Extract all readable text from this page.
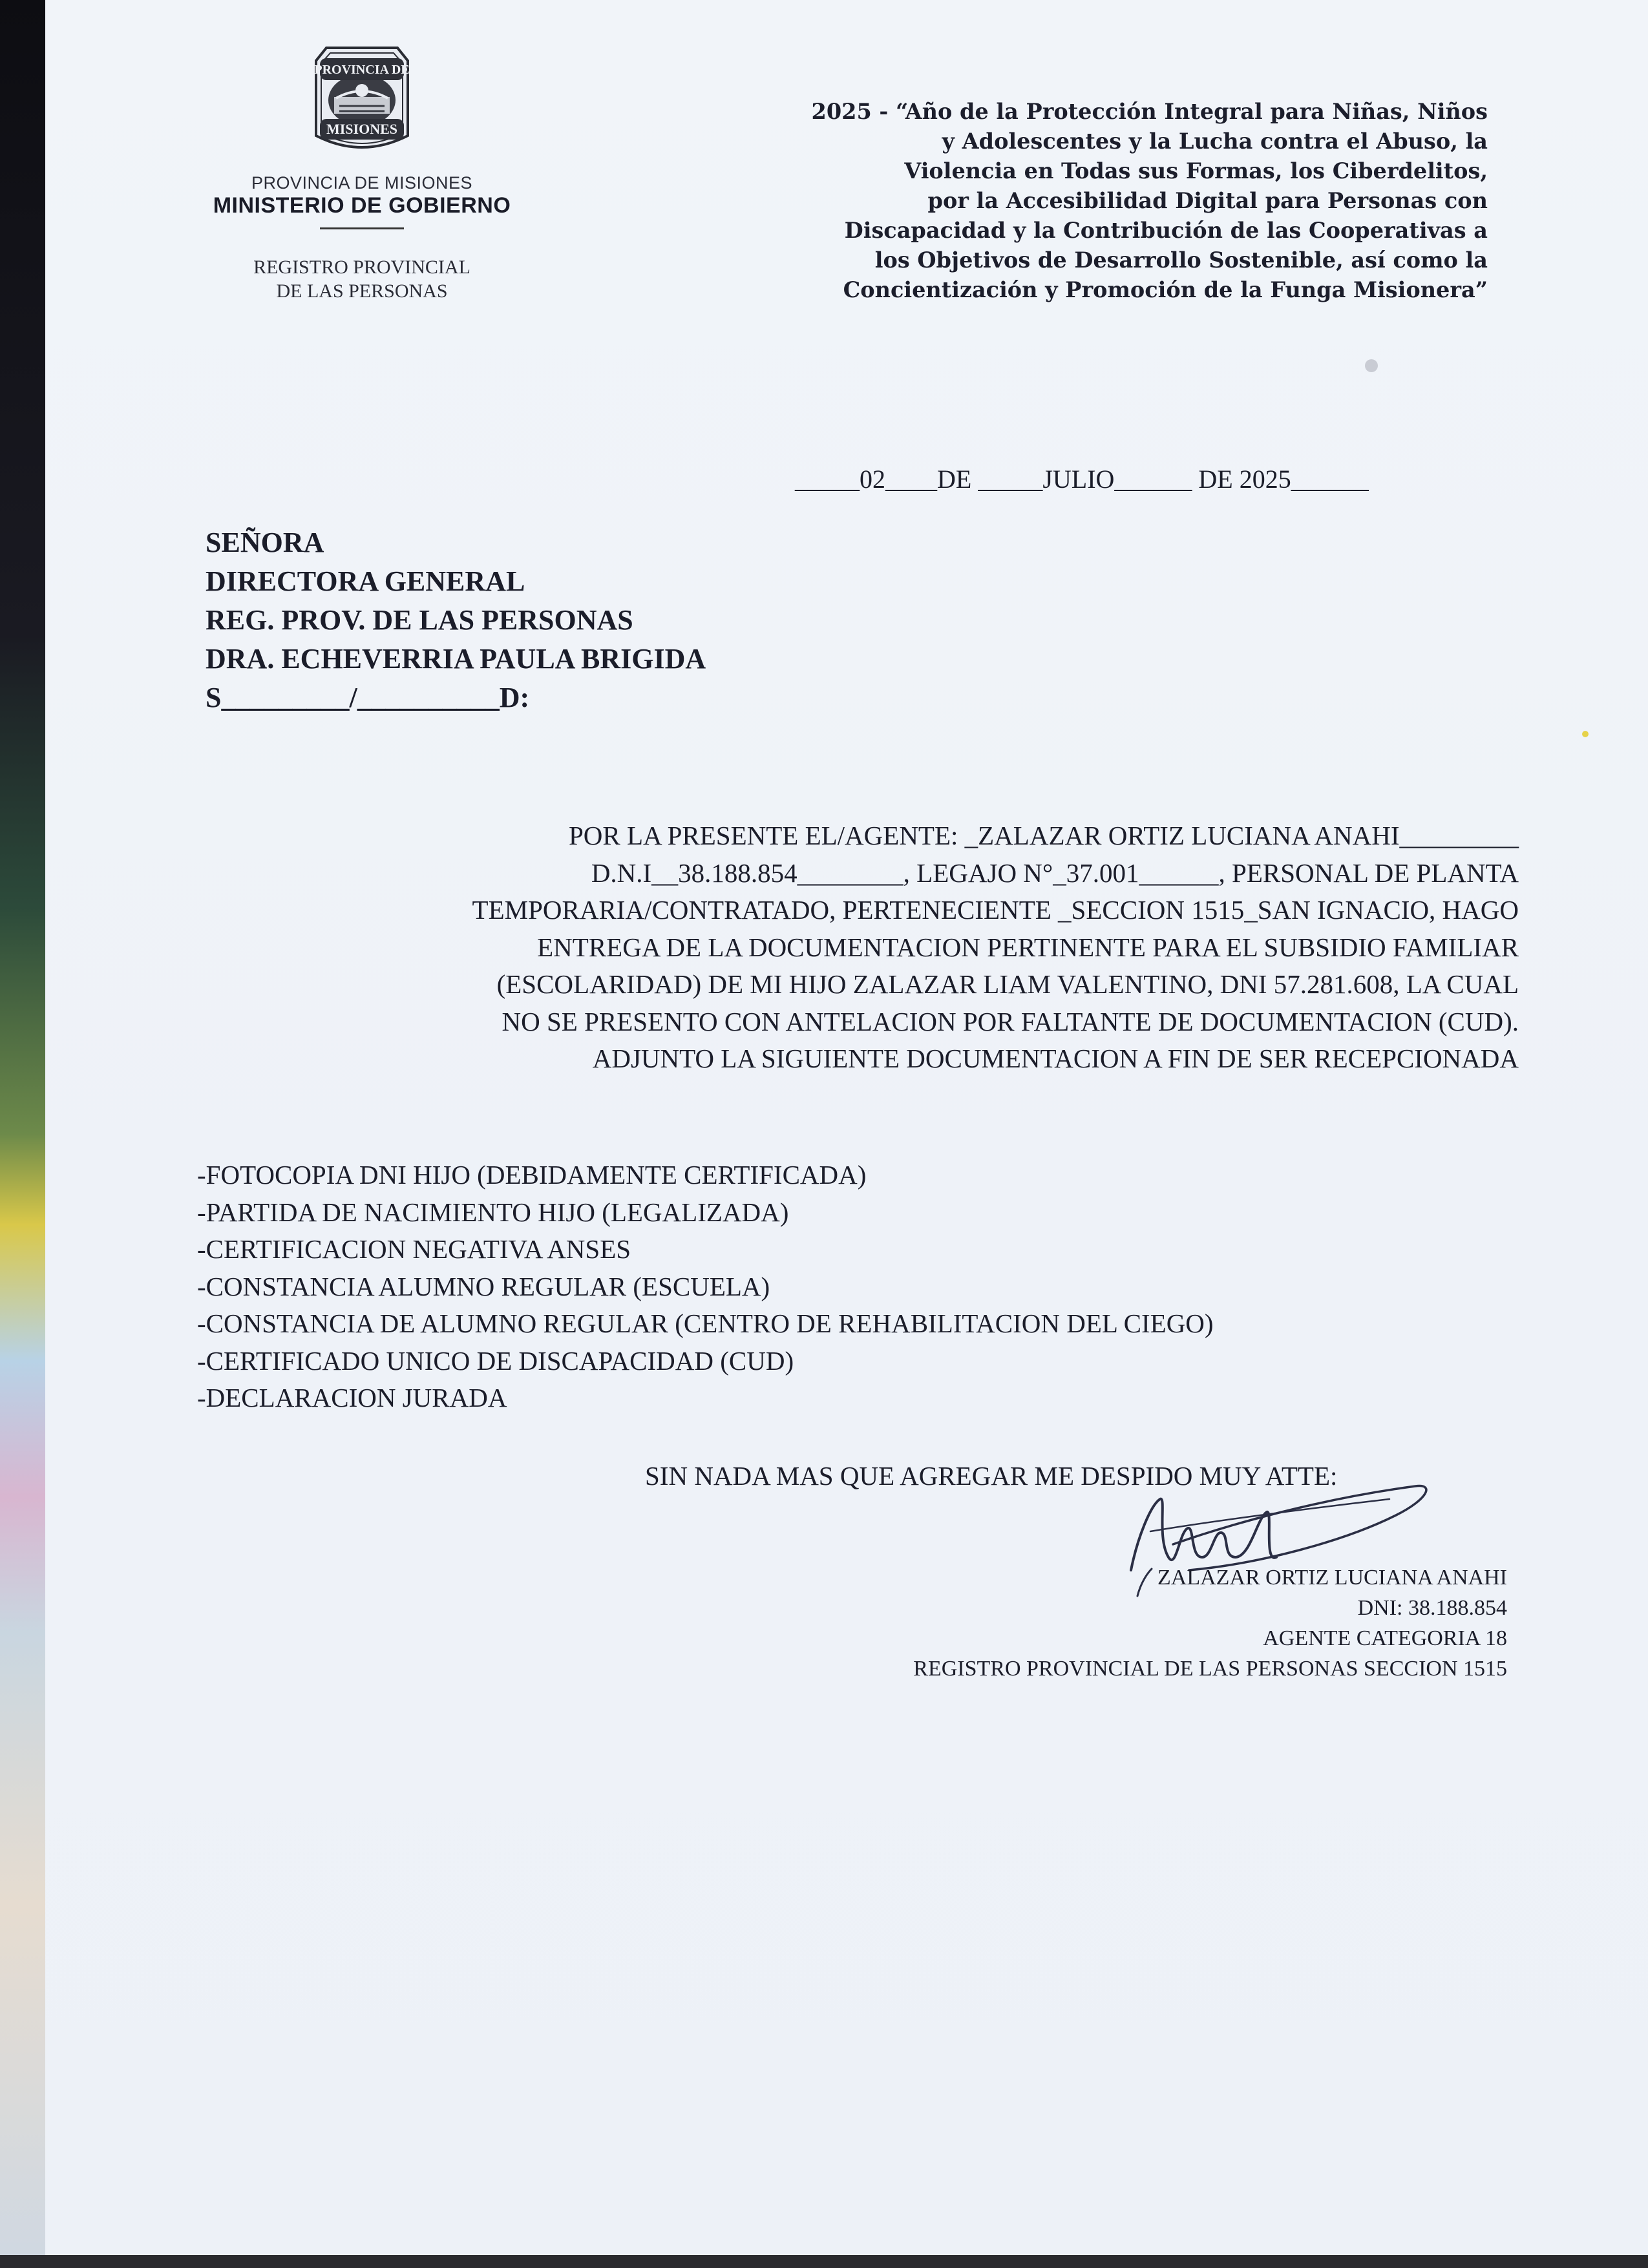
PROVINCIA DE
MISIONES
PROVINCIA DE MISIONES
MINISTERIO DE GOBIERNO
REGISTRO PROVINCIAL
DE LAS PERSONAS
2025 - “Año de la Protección Integral para Niñas, Niños
y Adolescentes y la Lucha contra el Abuso, la
Violencia en Todas sus Formas, los Ciberdelitos,
por la Accesibilidad Digital para Personas con
Discapacidad y la Contribución de las Cooperativas a
los Objetivos de Desarrollo Sostenible, así como la
Concientización y Promoción de la Funga Misionera”
_____02____DE _____JULIO______ DE 2025______
SEÑORA
DIRECTORA GENERAL
REG. PROV. DE LAS PERSONAS
DRA. ECHEVERRIA PAULA BRIGIDA
S_________/__________D:
POR LA PRESENTE EL/AGENTE: _ZALAZAR ORTIZ LUCIANA ANAHI_________
D.N.I__38.188.854________, LEGAJO N°_37.001______, PERSONAL DE PLANTA
TEMPORARIA/CONTRATADO, PERTENECIENTE _SECCION 1515_SAN IGNACIO, HAGO
ENTREGA DE LA DOCUMENTACION PERTINENTE PARA EL SUBSIDIO FAMILIAR
(ESCOLARIDAD) DE MI HIJO ZALAZAR LIAM VALENTINO, DNI 57.281.608, LA CUAL
NO SE PRESENTO CON ANTELACION POR FALTANTE DE DOCUMENTACION (CUD).
ADJUNTO LA SIGUIENTE DOCUMENTACION A FIN DE SER RECEPCIONADA
-FOTOCOPIA DNI HIJO (DEBIDAMENTE CERTIFICADA)
-PARTIDA DE NACIMIENTO HIJO (LEGALIZADA)
-CERTIFICACION NEGATIVA ANSES
-CONSTANCIA ALUMNO REGULAR (ESCUELA)
-CONSTANCIA DE ALUMNO REGULAR (CENTRO DE REHABILITACION DEL CIEGO)
-CERTIFICADO UNICO DE DISCAPACIDAD (CUD)
-DECLARACION JURADA
SIN NADA MAS QUE AGREGAR ME DESPIDO MUY ATTE:
ZALAZAR ORTIZ LUCIANA ANAHI
DNI: 38.188.854
AGENTE CATEGORIA 18
REGISTRO PROVINCIAL DE LAS PERSONAS SECCION 1515
